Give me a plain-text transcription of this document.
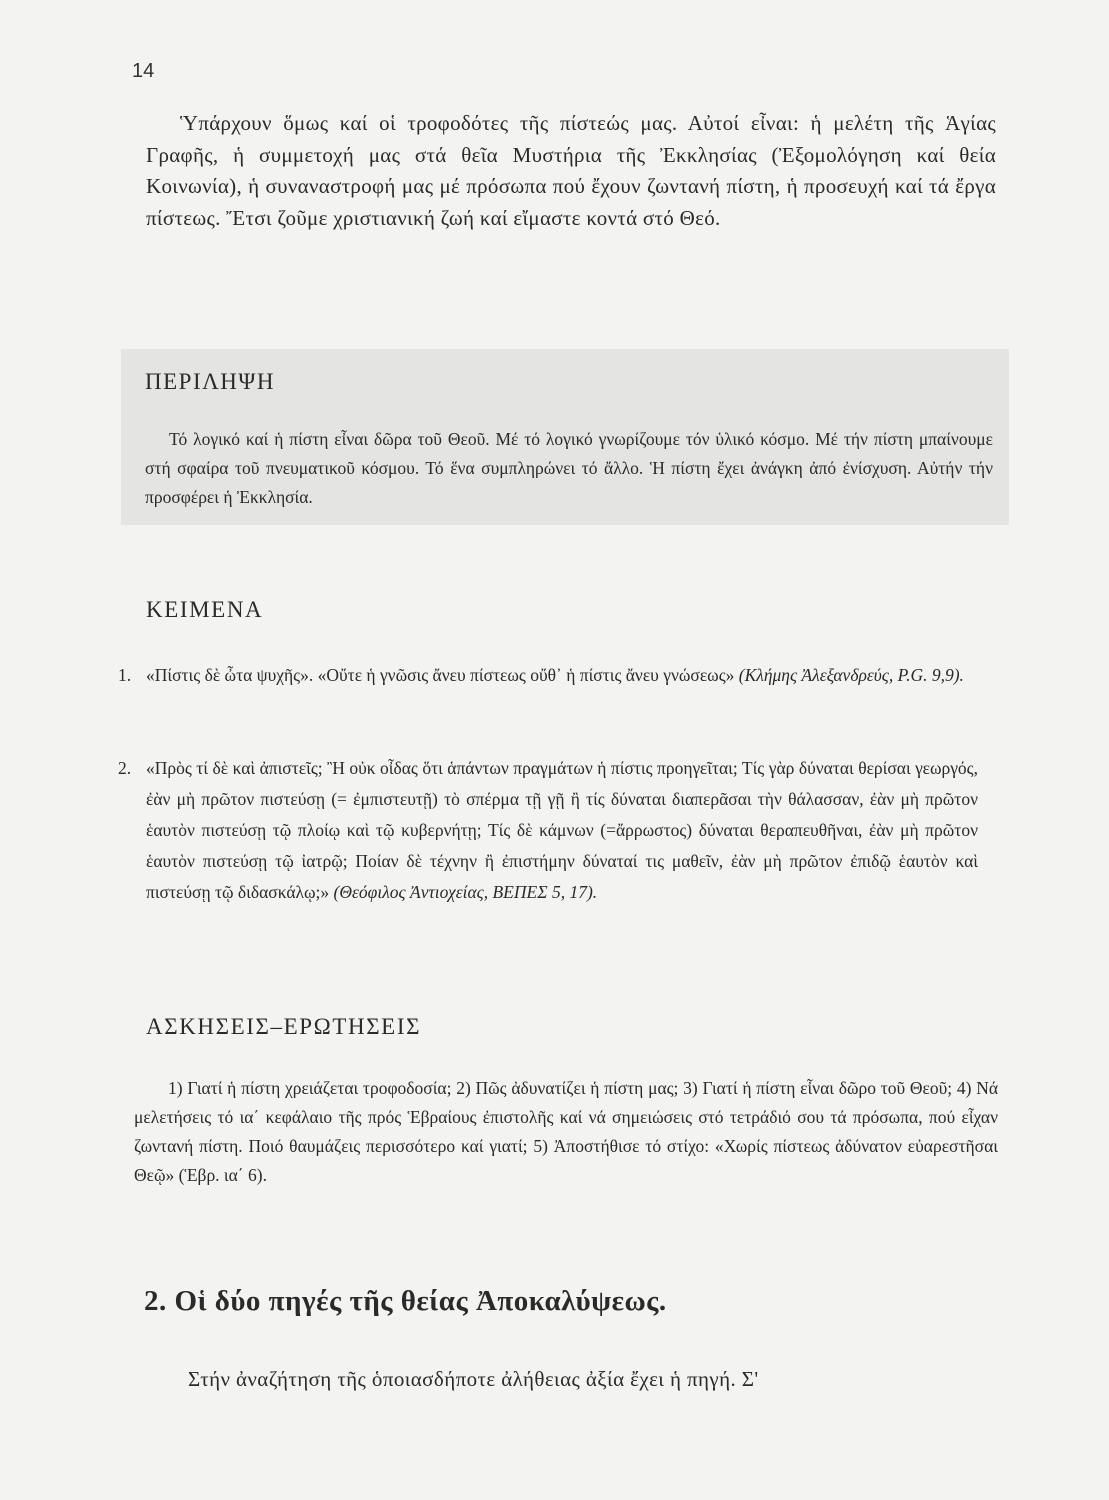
14

Ὑπάρχουν ὅμως καί οἱ τροφοδότες τῆς πίστεώς μας. Αὐτοί εἶναι: ἡ μελέτη τῆς Ἁγίας Γραφῆς, ἡ συμμετοχή μας στά θεῖα Μυστήρια τῆς Ἐκκλησίας (Ἐξομολόγηση καί θεία Κοινωνία), ἡ συναναστροφή μας μέ πρόσωπα πού ἔχουν ζωντανή πίστη, ἡ προσευχή καί τά ἔργα πίστεως. Ἔτσι ζοῦμε χριστιανική ζωή καί εἴμαστε κοντά στό Θεό.

ΠΕΡΙΛΗΨΗ

Τό λογικό καί ἡ πίστη εἶναι δῶρα τοῦ Θεοῦ. Μέ τό λογικό γνωρίζουμε τόν ὑλικό κόσμο. Μέ τήν πίστη μπαίνουμε στή σφαίρα τοῦ πνευματικοῦ κόσμου. Τό ἕνα συμπληρώνει τό ἄλλο. Ἡ πίστη ἔχει ἀνάγκη ἀπό ἐνίσχυση. Αὐτήν τήν προσφέρει ἡ Ἐκκλησία.

ΚΕΙΜΕΝΑ
1. «Πίστις δὲ ὦτα ψυχῆς». «Οὔτε ἡ γνῶσις ἄνευ πίστεως οὔθ᾿ ἡ πίστις ἄνευ γνώσεως» (Κλήμης Ἀλεξανδρεύς, P.G. 9,9).
2. «Πρὸς τί δὲ καὶ ἀπιστεῖς; Ἢ οὐκ οἶδας ὅτι ἁπάντων πραγμάτων ἡ πίστις προηγεῖται; Τίς γὰρ δύναται θερίσαι γεωργός, ἐὰν μὴ πρῶτον πιστεύσῃ (= ἐμπιστευτῇ) τὸ σπέρμα τῇ γῇ ἢ τίς δύναται διαπερᾶσαι τὴν θάλασσαν, ἐὰν μὴ πρῶτον ἑαυτὸν πιστεύσῃ τῷ πλοίῳ καὶ τῷ κυβερνήτῃ; Τίς δὲ κάμνων (=ἄρρωστος) δύναται θεραπευθῆναι, ἐὰν μὴ πρῶτον ἑαυτὸν πιστεύσῃ τῷ ἰατρῷ; Ποίαν δὲ τέχνην ἢ ἐπιστήμην δύναταί τις μαθεῖν, ἐὰν μὴ πρῶτον ἐπιδῷ ἑαυτὸν καὶ πιστεύσῃ τῷ διδασκάλῳ;» (Θεόφιλος Ἀντιοχείας, ΒΕΠΕΣ 5, 17).
ΑΣΚΗΣΕΙΣ–ΕΡΩΤΗΣΕΙΣ

1) Γιατί ἡ πίστη χρειάζεται τροφοδοσία; 2) Πῶς ἀδυνατίζει ἡ πίστη μας; 3) Γιατί ἡ πίστη εἶναι δῶρο τοῦ Θεοῦ; 4) Νά μελετήσεις τό ια΄ κεφάλαιο τῆς πρός Ἑβραίους ἐπιστολῆς καί νά σημειώσεις στό τετράδιό σου τά πρόσωπα, πού εἶχαν ζωντανή πίστη. Ποιό θαυμάζεις περισσότερο καί γιατί; 5) Ἀποστήθισε τό στίχο: «Χωρίς πίστεως ἀδύνατον εὐαρεστῆσαι Θεῷ» (Ἑβρ. ια΄ 6).

2. Οἱ δύο πηγές τῆς θείας Ἀποκαλύψεως.

Στήν ἀναζήτηση τῆς ὁποιασδήποτε ἀλήθειας ἀξία ἔχει ἡ πηγή. Σ'
